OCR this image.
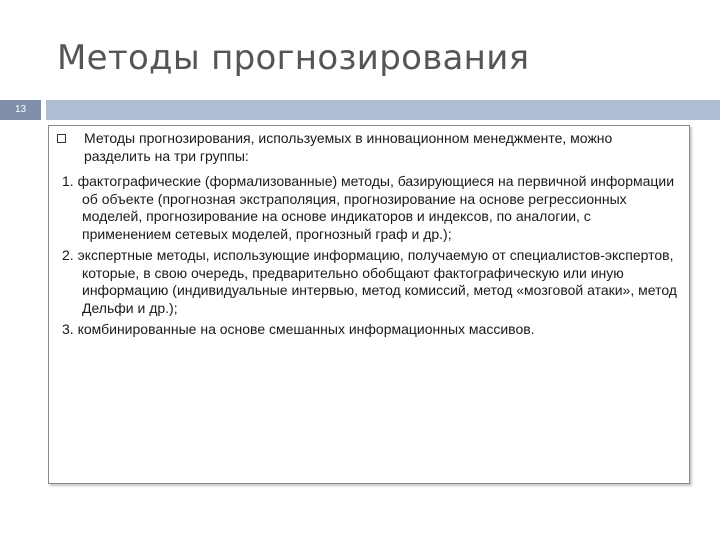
Методы прогнозирования
13
Методы прогнозирования, используемых в инновационном менеджменте, можно разделить на три группы:

1. фактографические (формализованные) методы, базирующиеся на первичной информации об объекте (прогнозная экстраполяция, прогнозирование на основе регрессионных моделей, прогнозирование на основе индикаторов и индексов, по аналогии, с применением сетевых моделей, прогнозный граф и др.);

2. экспертные методы, использующие информацию, получаемую от специалистов-экспертов, которые, в свою очередь, предварительно обобщают фактографическую или иную информацию (индивидуальные интервью, метод комиссий, метод «мозговой атаки», метод Дельфи и др.);

3. комбинированные на основе смешанных информационных массивов.
